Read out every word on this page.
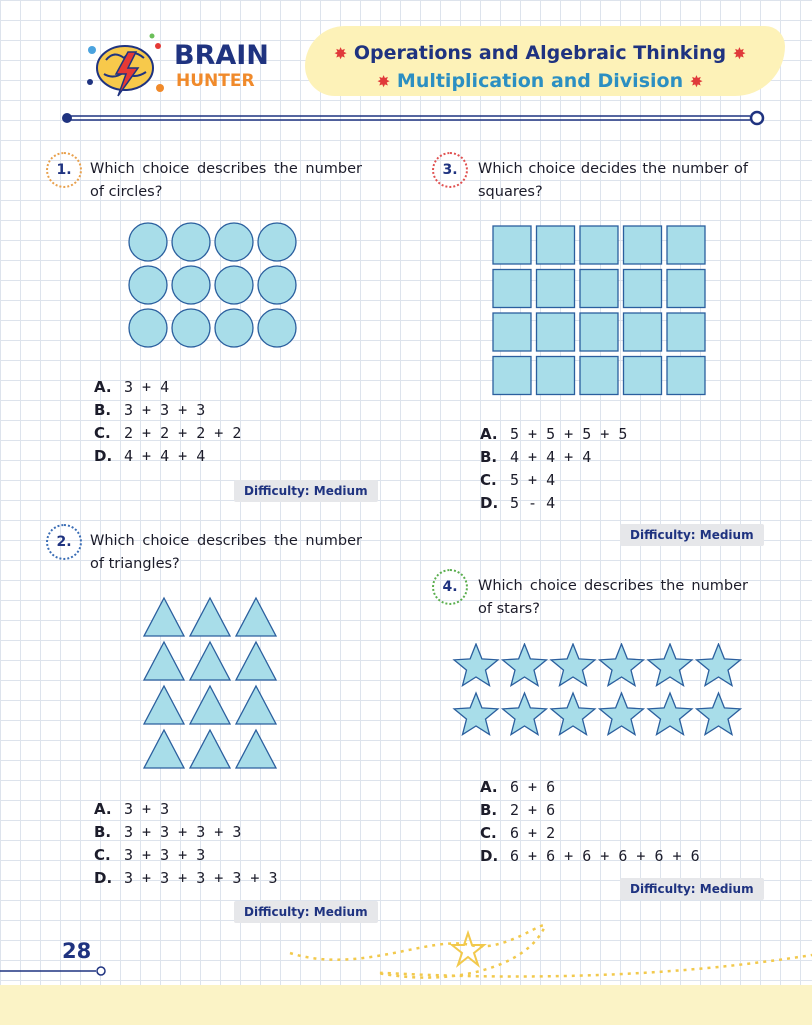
BRAIN
HUNTER
✸ Operations and Algebraic Thinking ✸
✸ Multiplication and Division ✸
1.	Which choice describes the number of circles?
A. 3 + 4
B. 3 + 3 + 3
C. 2 + 2 + 2 + 2
D. 4 + 4 + 4
Difficulty: Medium
2.	Which choice describes the number of triangles?
A. 3 + 3
B. 3 + 3 + 3 + 3
C. 3 + 3 + 3
D. 3 + 3 + 3 + 3 + 3
Difficulty: Medium
3.	Which choice decides the number of squares?
A. 5 + 5 + 5 + 5
B. 4 + 4 + 4
C. 5 + 4
D. 5 - 4
Difficulty: Medium
4.	Which choice describes the number of stars?
A. 6 + 6
B. 2 + 6
C. 6 + 2
D. 6 + 6 + 6 + 6 + 6 + 6
Difficulty: Medium
28
